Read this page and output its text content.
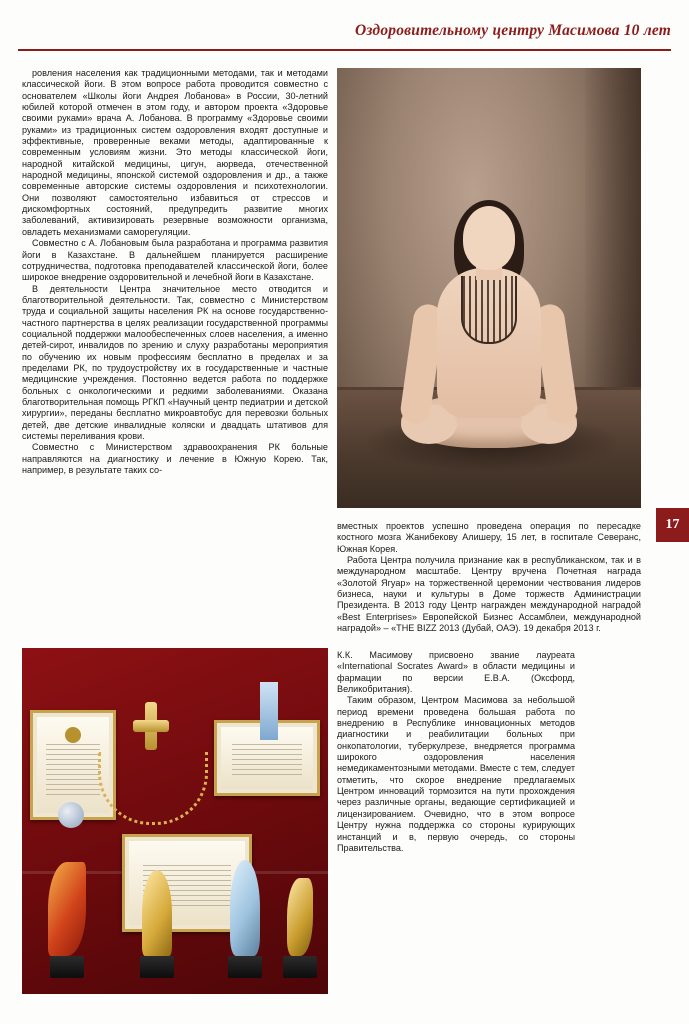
Оздоровительному центру Масимова 10 лет

ровления населения как традиционными методами, так и методами классической йоги. В этом вопросе работа проводится совместно с основателем «Школы йоги Андрея Лобанова» в России, 30-летний юбилей которой отмечен в этом году, и автором проекта «Здоровье своими руками» врача А. Лобанова. В программу «Здоровье своими руками» из традиционных систем оздоровления входят доступные и эффективные, проверенные веками методы, адаптированные к современным условиям жизни. Это методы классической йоги, народной китайской медицины, цигун, аюрведа, отечественной народной медицины, японской системой оздоровления и др., а также современные авторские системы оздоровления и психотехнологии. Они позволяют самостоятельно избавиться от стрессов и дискомфортных состояний, предупредить развитие многих заболеваний, активизировать резервные возможности организма, овладеть механизмами саморегуляции.

Совместно с А. Лобановым была разработана и программа развития йоги в Казахстане. В дальнейшем планируется расширение сотрудничества, подготовка преподавателей классической йоги, более широкое внедрение оздоровительной и лечебной йоги в Казахстане.

В деятельности Центра значительное место отводится и благотворительной деятельности. Так, совместно с Министерством труда и социальной защиты населения РК на основе государственно-частного партнерства в целях реализации государственной программы социальной поддержки малообеспеченных слоев населения, а именно детей-сирот, инвалидов по зрению и слуху разработаны мероприятия по обучению их новым профессиям бесплатно в пределах и за пределами РК, по трудоустройству их в государственные и частные медицинские учреждения. Постоянно ведется работа по поддержке больных с онкологическими и редкими заболеваниями. Оказана благотворительная помощь РГКП «Научный центр педиатрии и детской хирургии», переданы бесплатно микроавтобус для перевозки больных детей, две детские инвалидные коляски и двадцать штативов для системы переливания крови.

Совместно с Министерством здравоохранения РК больные направляются на диагностику и лечение в Южную Корею. Так, например, в результате таких со-

17

вместных проектов успешно проведена операция по пересадке костного мозга Жанибекову Алишеру, 15 лет, в госпитале Северанс, Южная Корея.

Работа Центра получила признание как в республиканском, так и в международном масштабе. Центру вручена Почетная награда «Золотой Ягуар» на торжественной церемонии чествования лидеров бизнеса, науки и культуры в Доме торжеств Администрации Президента. В 2013 году Центр награжден международной наградой «Best Enterprises» Европейской Бизнес Ассамблеи, международной наградой» – «THE BIZZ 2013 (Дубай, ОАЭ). 19 декабря 2013 г.

К.К. Масимову присвоено звание лауреата «International Socrates Award» в области медицины и фармации по версии Е.В.А. (Оксфорд, Великобритания).

Таким образом, Центром Масимова за небольшой период времени проведена большая работа по внедрению в Республике инновационных методов диагностики и реабилитации больных при онкопатологии, туберкулрезе, внедряется программа широкого оздоровления населения немедикаментозными методами. Вместе с тем, следует отметить, что скорое внедрение предлагаемых Центром инноваций тормозится на пути прохождения через различные органы, ведающие сертификацией и лицензированием. Очевидно, что в этом вопросе Центру нужна поддержка со стороны курирующих инстанций и в, первую очередь, со стороны Правительства.
